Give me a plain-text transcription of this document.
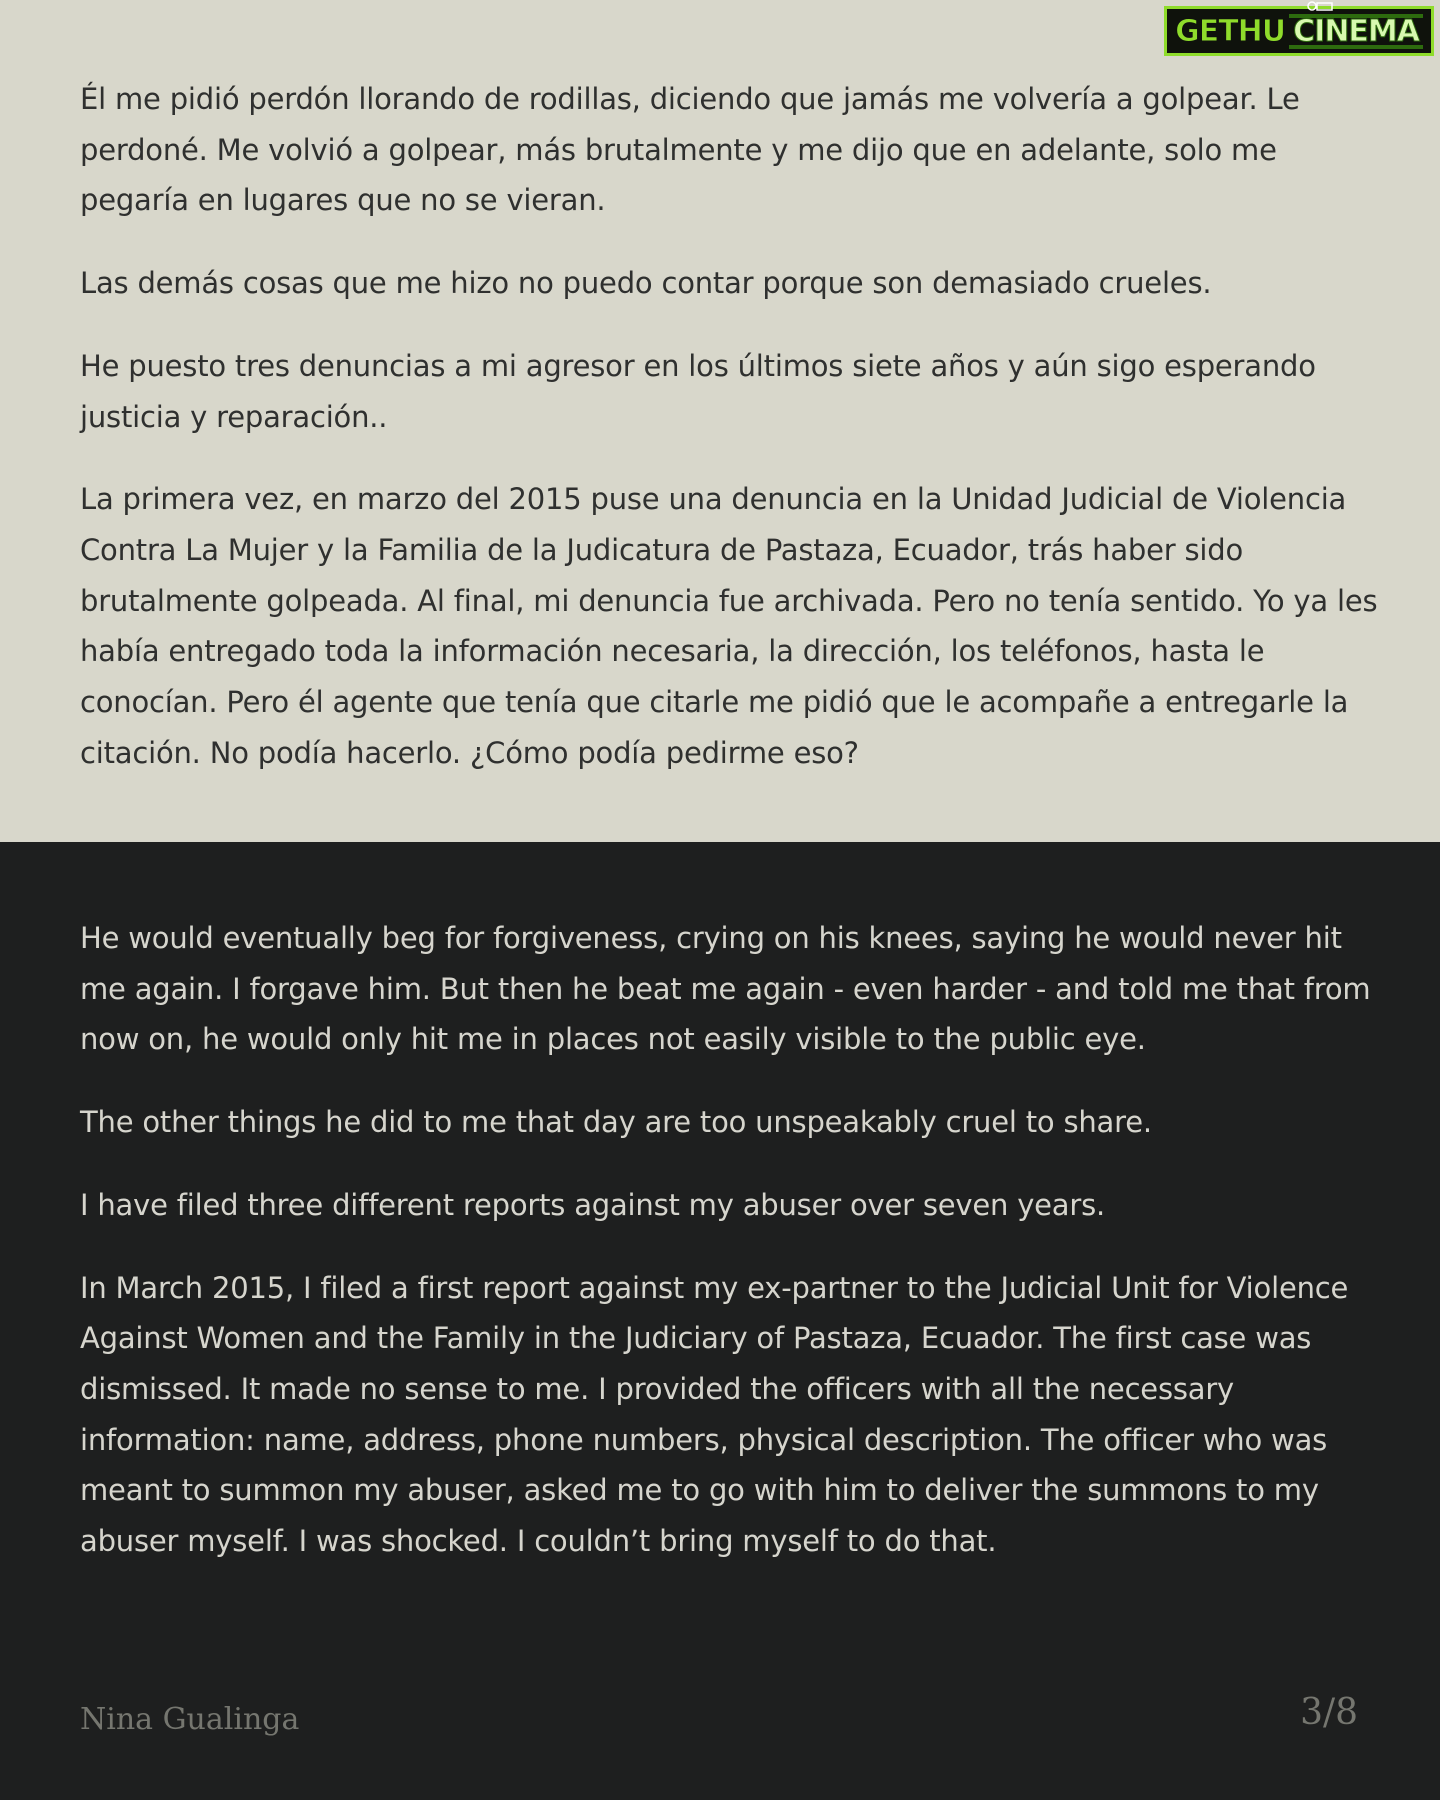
Él me pidió perdón llorando de rodillas, diciendo que jamás me volvería a golpear. Le perdoné. Me volvió a golpear, más brutalmente y me dijo que en adelante, solo me pegaría en lugares que no se vieran.

Las demás cosas que me hizo no puedo contar porque son demasiado crueles.

He puesto tres denuncias a mi agresor en los últimos siete años y aún sigo esperando justicia y reparación..

La primera vez, en marzo del 2015 puse una denuncia en la Unidad Judicial de Violencia Contra La Mujer y la Familia de la Judicatura de Pastaza, Ecuador, trás haber sido brutalmente golpeada. Al final, mi denuncia fue archivada. Pero no tenía sentido. Yo ya les había entregado toda la información necesaria, la dirección, los teléfonos, hasta le conocían. Pero él agente que tenía que citarle me pidió que le acompañe a entregarle la citación. No podía hacerlo. ¿Cómo podía pedirme eso?

He would eventually beg for forgiveness, crying on his knees, saying he would never hit me again. I forgave him. But then he beat me again - even harder - and told me that from now on, he would only hit me in places not easily visible to the public eye.

The other things he did to me that day are too unspeakably cruel to share.

I have filed three different reports against my abuser over seven years.

In March 2015, I filed a first report against my ex-partner to the Judicial Unit for Violence Against Women and the Family in the Judiciary of Pastaza, Ecuador. The first case was dismissed. It made no sense to me. I provided the officers with all the necessary information: name, address, phone numbers, physical description. The officer who was meant to summon my abuser, asked me to go with him to deliver the summons to my abuser myself. I was shocked. I couldn’t bring myself to do that.

Nina Gualinga	3/8
GETHU CINEMA
